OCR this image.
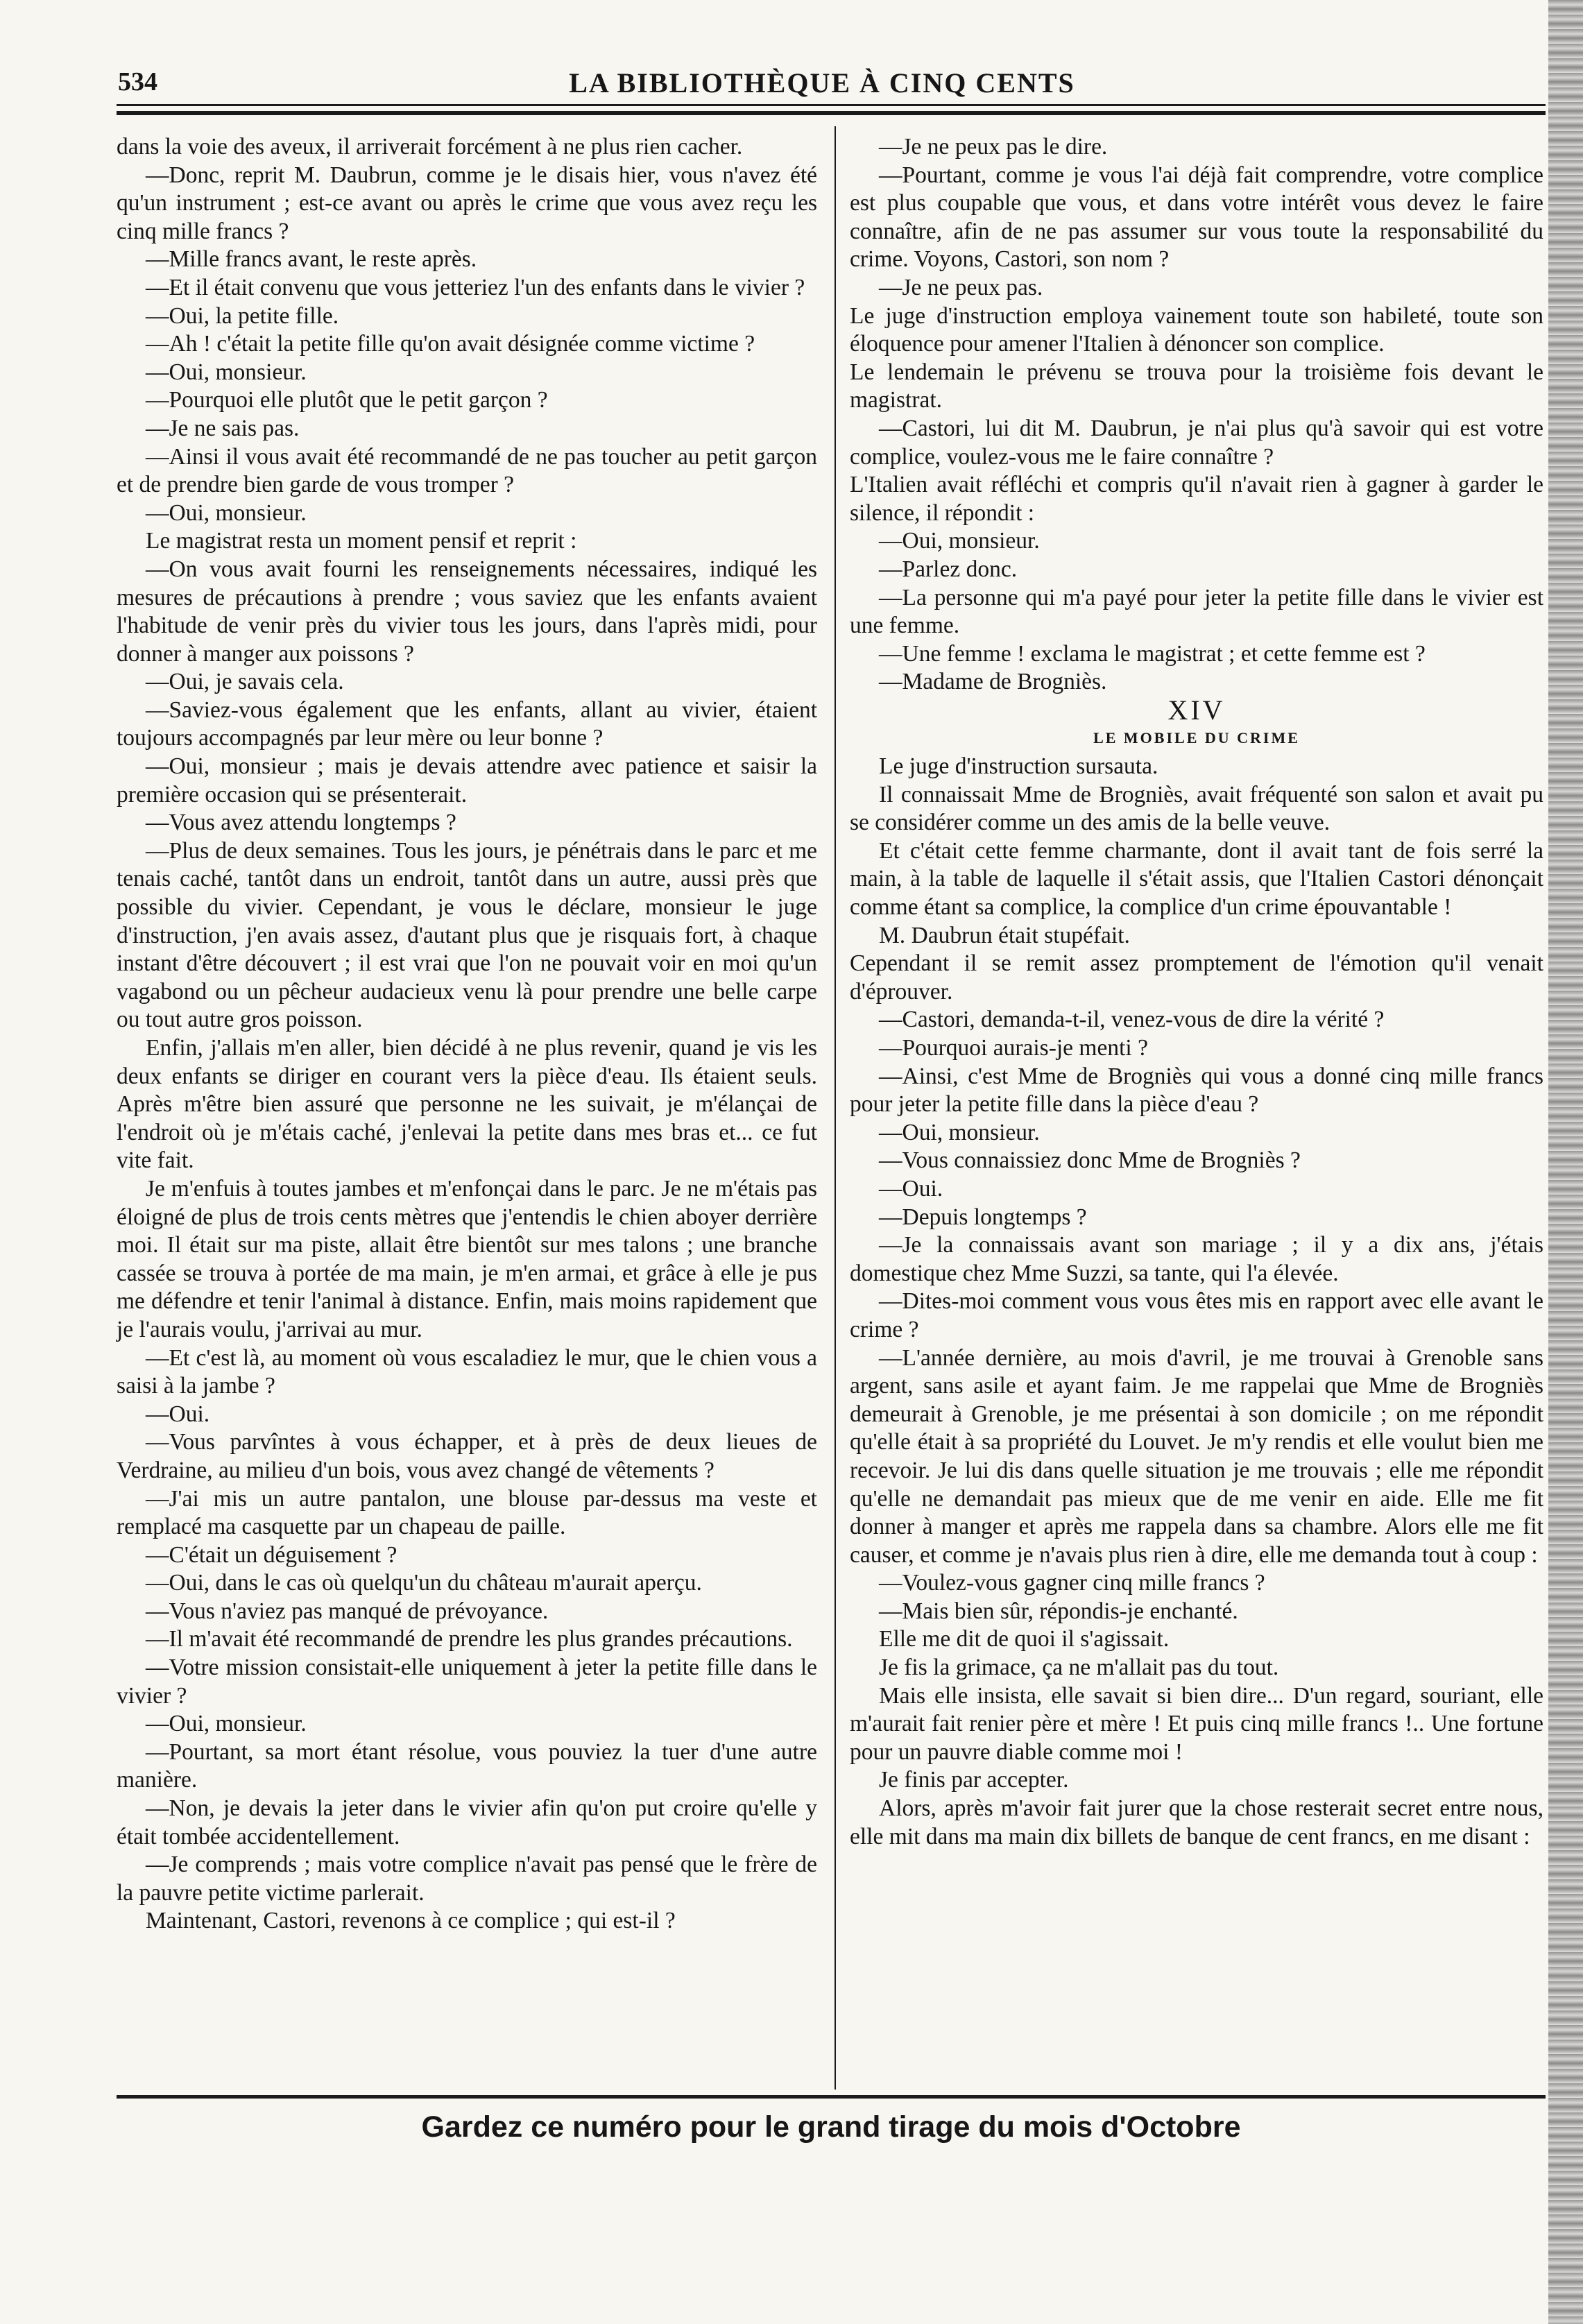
534	LA BIBLIOTHÈQUE À CINQ CENTS

dans la voie des aveux, il arriverait forcément à ne plus rien cacher.

—Donc, reprit M. Daubrun, comme je le disais hier, vous n'avez été qu'un instrument ; est-ce avant ou après le crime que vous avez reçu les cinq mille francs ?

—Mille francs avant, le reste après.

—Et il était convenu que vous jetteriez l'un des enfants dans le vivier ?

—Oui, la petite fille.

—Ah ! c'était la petite fille qu'on avait désignée comme victime ?

—Oui, monsieur.

—Pourquoi elle plutôt que le petit garçon ?

—Je ne sais pas.

—Ainsi il vous avait été recommandé de ne pas toucher au petit garçon et de prendre bien garde de vous tromper ?

—Oui, monsieur.

Le magistrat resta un moment pensif et reprit :

—On vous avait fourni les renseignements nécessaires, indiqué les mesures de précautions à prendre ; vous saviez que les enfants avaient l'habitude de venir près du vivier tous les jours, dans l'après midi, pour donner à manger aux poissons ?

—Oui, je savais cela.

—Saviez-vous également que les enfants, allant au vivier, étaient toujours accompagnés par leur mère ou leur bonne ?

—Oui, monsieur ; mais je devais attendre avec patience et saisir la première occasion qui se présenterait.

—Vous avez attendu longtemps ?

—Plus de deux semaines. Tous les jours, je pénétrais dans le parc et me tenais caché, tantôt dans un endroit, tantôt dans un autre, aussi près que possible du vivier. Cependant, je vous le déclare, monsieur le juge d'instruction, j'en avais assez, d'autant plus que je risquais fort, à chaque instant d'être découvert ; il est vrai que l'on ne pouvait voir en moi qu'un vagabond ou un pêcheur audacieux venu là pour prendre une belle carpe ou tout autre gros poisson.

Enfin, j'allais m'en aller, bien décidé à ne plus revenir, quand je vis les deux enfants se diriger en courant vers la pièce d'eau. Ils étaient seuls. Après m'être bien assuré que personne ne les suivait, je m'élançai de l'endroit où je m'étais caché, j'enlevai la petite dans mes bras et... ce fut vite fait.

Je m'enfuis à toutes jambes et m'enfonçai dans le parc. Je ne m'étais pas éloigné de plus de trois cents mètres que j'entendis le chien aboyer derrière moi. Il était sur ma piste, allait être bientôt sur mes talons ; une branche cassée se trouva à portée de ma main, je m'en armai, et grâce à elle je pus me défendre et tenir l'animal à distance. Enfin, mais moins rapidement que je l'aurais voulu, j'arrivai au mur.

—Et c'est là, au moment où vous escaladiez le mur, que le chien vous a saisi à la jambe ?

—Oui.

—Vous parvîntes à vous échapper, et à près de deux lieues de Verdraine, au milieu d'un bois, vous avez changé de vêtements ?

—J'ai mis un autre pantalon, une blouse par-dessus ma veste et remplacé ma casquette par un chapeau de paille.

—C'était un déguisement ?

—Oui, dans le cas où quelqu'un du château m'aurait aperçu.

—Vous n'aviez pas manqué de prévoyance.

—Il m'avait été recommandé de prendre les plus grandes précautions.

—Votre mission consistait-elle uniquement à jeter la petite fille dans le vivier ?

—Oui, monsieur.

—Pourtant, sa mort étant résolue, vous pouviez la tuer d'une autre manière.

—Non, je devais la jeter dans le vivier afin qu'on put croire qu'elle y était tombée accidentellement.

—Je comprends ; mais votre complice n'avait pas pensé que le frère de la pauvre petite victime parlerait.

Maintenant, Castori, revenons à ce complice ; qui est-il ?

—Je ne peux pas le dire.

—Pourtant, comme je vous l'ai déjà fait comprendre, votre complice est plus coupable que vous, et dans votre intérêt vous devez le faire connaître, afin de ne pas assumer sur vous toute la responsabilité du crime. Voyons, Castori, son nom ?

—Je ne peux pas.

Le juge d'instruction employa vainement toute son habileté, toute son éloquence pour amener l'Italien à dénoncer son complice.

Le lendemain le prévenu se trouva pour la troisième fois devant le magistrat.

—Castori, lui dit M. Daubrun, je n'ai plus qu'à savoir qui est votre complice, voulez-vous me le faire connaître ?

L'Italien avait réfléchi et compris qu'il n'avait rien à gagner à garder le silence, il répondit :

—Oui, monsieur.

—Parlez donc.

—La personne qui m'a payé pour jeter la petite fille dans le vivier est une femme.

—Une femme ! exclama le magistrat ; et cette femme est ?

—Madame de Brogniès.

XIV

LE MOBILE DU CRIME

Le juge d'instruction sursauta.

Il connaissait Mme de Brogniès, avait fréquenté son salon et avait pu se considérer comme un des amis de la belle veuve.

Et c'était cette femme charmante, dont il avait tant de fois serré la main, à la table de laquelle il s'était assis, que l'Italien Castori dénonçait comme étant sa complice, la complice d'un crime épouvantable !

M. Daubrun était stupéfait.

Cependant il se remit assez promptement de l'émotion qu'il venait d'éprouver.

—Castori, demanda-t-il, venez-vous de dire la vérité ?

—Pourquoi aurais-je menti ?

—Ainsi, c'est Mme de Brogniès qui vous a donné cinq mille francs pour jeter la petite fille dans la pièce d'eau ?

—Oui, monsieur.

—Vous connaissiez donc Mme de Brogniès ?

—Oui.

—Depuis longtemps ?

—Je la connaissais avant son mariage ; il y a dix ans, j'étais domestique chez Mme Suzzi, sa tante, qui l'a élevée.

—Dites-moi comment vous vous êtes mis en rapport avec elle avant le crime ?

—L'année dernière, au mois d'avril, je me trouvai à Grenoble sans argent, sans asile et ayant faim. Je me rappelai que Mme de Brogniès demeurait à Grenoble, je me présentai à son domicile ; on me répondit qu'elle était à sa propriété du Louvet. Je m'y rendis et elle voulut bien me recevoir. Je lui dis dans quelle situation je me trouvais ; elle me répondit qu'elle ne demandait pas mieux que de me venir en aide. Elle me fit donner à manger et après me rappela dans sa chambre. Alors elle me fit causer, et comme je n'avais plus rien à dire, elle me demanda tout à coup :

—Voulez-vous gagner cinq mille francs ?

—Mais bien sûr, répondis-je enchanté.

Elle me dit de quoi il s'agissait.

Je fis la grimace, ça ne m'allait pas du tout.

Mais elle insista, elle savait si bien dire... D'un regard, souriant, elle m'aurait fait renier père et mère ! Et puis cinq mille francs !.. Une fortune pour un pauvre diable comme moi !

Je finis par accepter.

Alors, après m'avoir fait jurer que la chose resterait secret entre nous, elle mit dans ma main dix billets de banque de cent francs, en me disant :

Gardez ce numéro pour le grand tirage du mois d'Octobre
